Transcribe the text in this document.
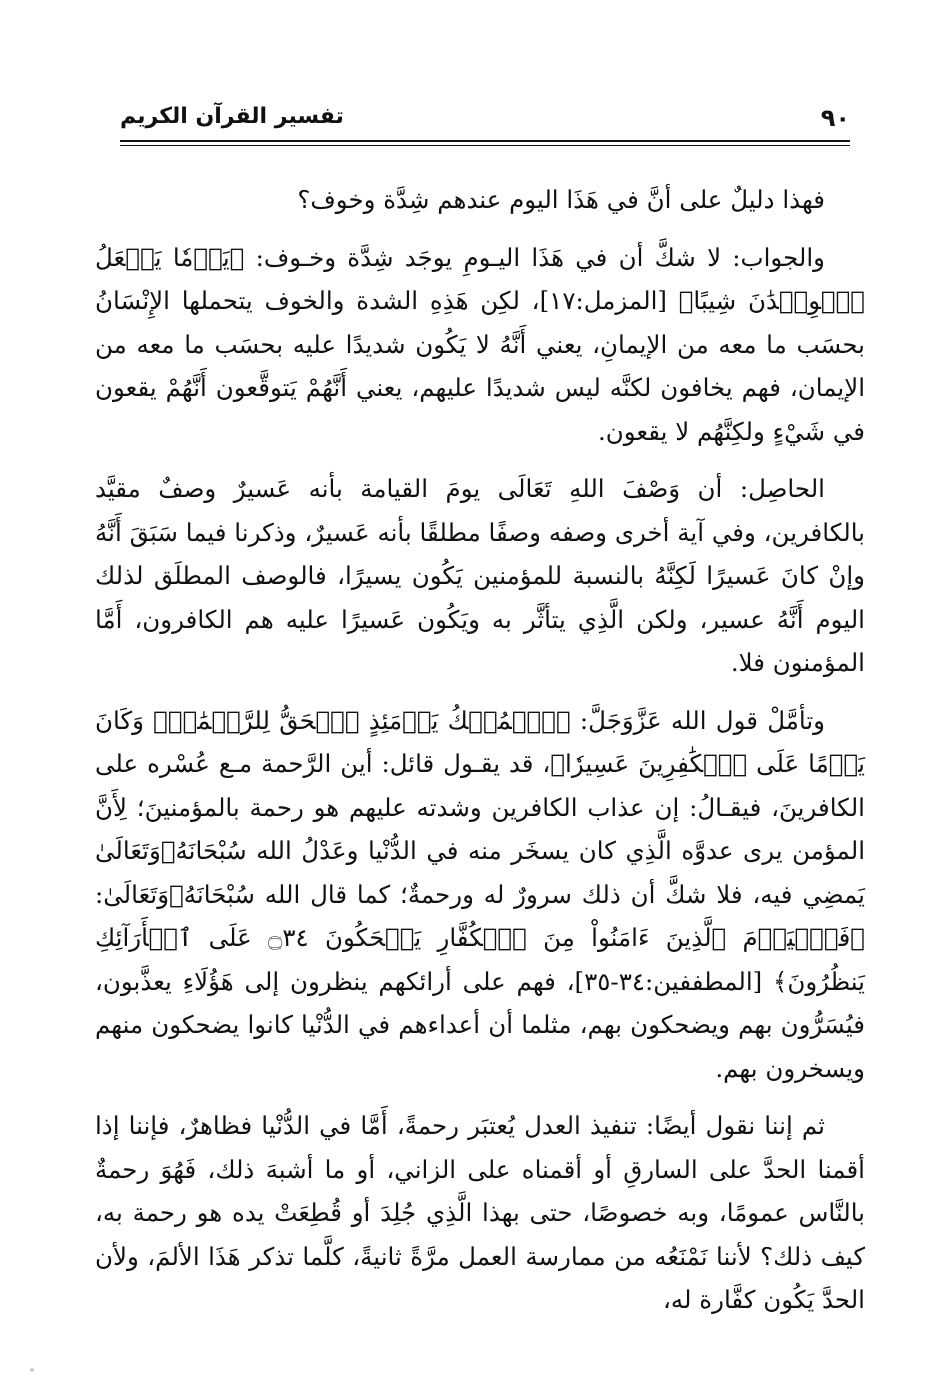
٩٠
تفسير القرآن الكريم

فهذا دليلٌ على أنَّ في هَذَا اليوم عندهم شِدَّة وخوف؟

والجواب: لا شكَّ أن في هَذَا اليـومِ يوجَد شِدَّة وخـوف: ﴿يَوۡمٗا يَجۡعَلُ ٱلۡوِلۡدَٰنَ شِيبًا﴾ [المزمل:١٧]، لكِن هَذِهِ الشدة والخوف يتحملها الإِنْسَانُ بحسَب ما معه من الإيمانِ، يعني أَنَّهُ لا يَكُون شديدًا عليه بحسَب ما معه من الإيمان، فهم يخافون لكنَّه ليس شديدًا عليهم، يعني أَنَّهُمْ يَتوقَّعون أَنَّهُمْ يقعون في شَيْءٍ ولكِنَّهُم لا يقعون.

الحاصِل: أن وَصْفَ اللهِ تَعَالَى يومَ القيامة بأنه عَسيرٌ وصفٌ مقيَّد بالكافرين، وفي آية أخرى وصفه وصفًا مطلقًا بأنه عَسيرٌ، وذكرنا فيما سَبَقَ أَنَّهُ وإنْ كانَ عَسيرًا لَكِنَّهُ بالنسبة للمؤمنين يَكُون يسيرًا، فالوصف المطلَق لذلك اليوم أَنَّهُ عسير، ولكن الَّذِي يتأثَّر به ويَكُون عَسيرًا عليه هم الكافرون، أَمَّا المؤمنون فلا.

وتأمَّلْ قول الله عَزَّوَجَلَّ: ﴿ٱلۡمُلۡكُ يَوۡمَئِذٍ ٱلۡحَقُّ لِلرَّحۡمَٰنِۚ وَكَانَ يَوۡمًا عَلَى ٱلۡكَٰفِرِينَ عَسِيرٗا﴾، قد يقـول قائل: أين الرَّحمة مـع عُسْره على الكافرينَ، فيقـالُ: إن عذاب الكافرين وشدته عليهم هو رحمة بالمؤمنينَ؛ لِأَنَّ المؤمن يرى عدوَّه الَّذِي كان يسخَر منه في الدُّنْيا وعَدْلُ الله سُبْحَانَهُۥوَتَعَالَىٰ يَمضِي فيه، فلا شكَّ أن ذلك سرورٌ له ورحمةٌ؛ كما قال الله سُبْحَانَهُۥوَتَعَالَىٰ: ﴿فَٱلۡيَوۡمَ ٱلَّذِينَ ءَامَنُواْ مِنَ ٱلۡكُفَّارِ يَضۡحَكُونَ ۝٣٤ عَلَى ٱلۡأَرَآئِكِ يَنظُرُونَ﴾ [المطففين:٣٤-٣٥]، فهم على أرائكهم ينظرون إلى هَؤُلَاءِ يعذَّبون، فيُسَرُّون بهم ويضحكون بهم، مثلما أن أعداءهم في الدُّنْيا كانوا يضحكون منهم ويسخرون بهم.

ثم إننا نقول أيضًا: تنفيذ العدل يُعتبَر رحمةً، أَمَّا في الدُّنْيا فظاهرٌ، فإننا إذا أقمنا الحدَّ على السارقِ أو أقمناه على الزاني، أو ما أشبهَ ذلك، فَهُوَ رحمةٌ بالنَّاس عمومًا، وبه خصوصًا، حتى بهذا الَّذِي جُلِدَ أو قُطِعَتْ يده هو رحمة به، كيف ذلك؟ لأننا نَمْنَعُه من ممارسة العمل مرَّةً ثانيةً، كلَّما تذكر هَذَا الألمَ، ولأن الحدَّ يَكُون كفَّارة له،
